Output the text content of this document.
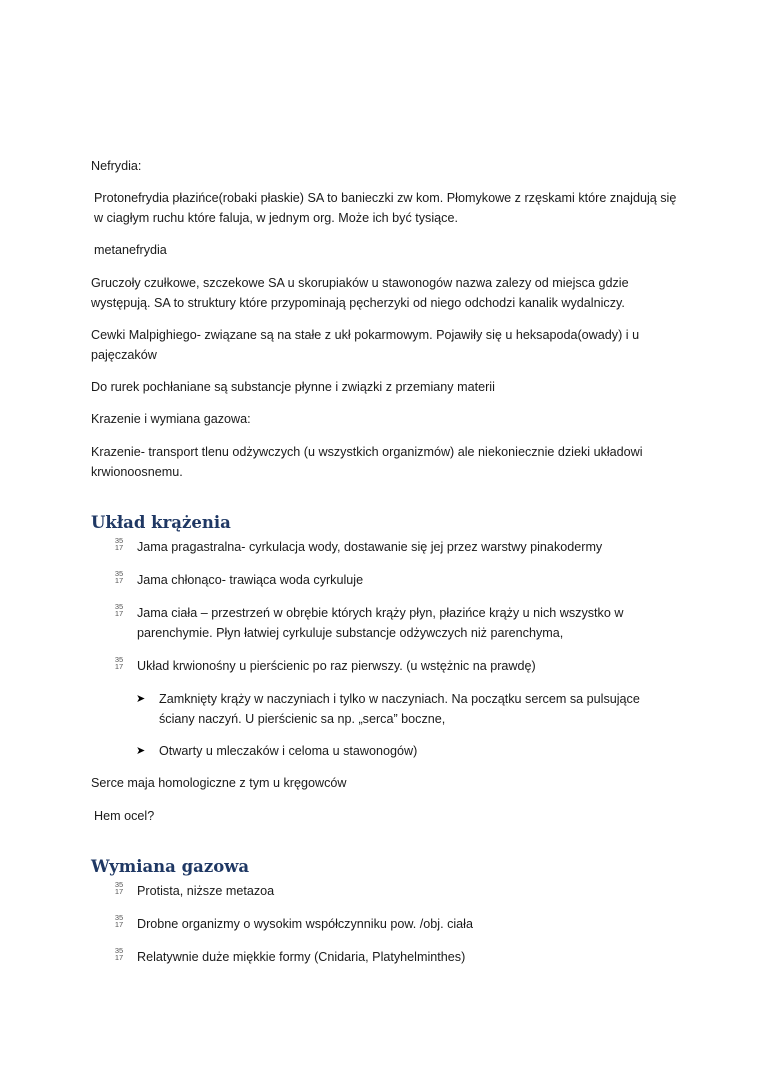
Nefrydia:

Protonefrydia płazińce(robaki płaskie) SA to banieczki zw kom. Płomykowe z rzęskami które znajdują się w ciagłym ruchu które faluja, w jednym org. Może ich być tysiące.

metanefrydia

Gruczoły czułkowe, szczekowe SA u skorupiaków u stawonogów nazwa zalezy od miejsca gdzie występują. SA to struktury które przypominają pęcherzyki od niego odchodzi kanalik wydalniczy.

Cewki Malpighiego- związane są na stałe z ukł pokarmowym. Pojawiły się u heksapoda(owady) i u pajęczaków

Do rurek pochłaniane są substancje płynne i związki z przemiany materii

Krazenie i wymiana gazowa:

Krazenie- transport tlenu odżywczych (u wszystkich organizmów) ale niekoniecznie dzieki układowi krwionoosnemu.

Układ krążenia
35
17 Jama pragastralna- cyrkulacja wody, dostawanie się jej przez warstwy pinakodermy
35
17 Jama chłonąco- trawiąca woda cyrkuluje
35
17 Jama ciała – przestrzeń w obrębie których krąży płyn, płazińce krąży u nich wszystko w parenchymie. Płyn łatwiej cyrkuluje substancje odżywczych niż parenchyma,
35
17 Układ krwionośny u pierścienic po raz pierwszy. (u wstężnic na prawdę)
➤ Zamknięty krąży w naczyniach i tylko w naczyniach. Na początku sercem sa pulsujące ściany naczyń. U pierścienic sa np. „serca” boczne,
➤ Otwarty u mleczaków i celoma u stawonogów)

Serce maja homologiczne z tym u kręgowców

Hem ocel?

Wymiana gazowa
35
17 Protista, niższe metazoa
35
17 Drobne organizmy o wysokim współczynniku pow. /obj. ciała
35
17 Relatywnie duże miękkie formy (Cnidaria, Platyhelminthes)
